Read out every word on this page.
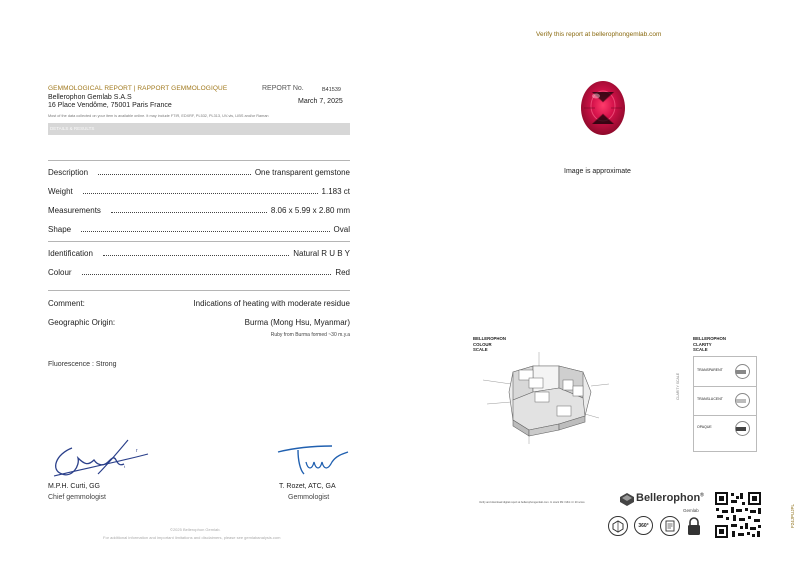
Verify this report at bellerophongemlab.com
GEMMOLOGICAL REPORT | RAPPORT GEMMOLOGIQUE
Bellerophon Gemlab S.A.S
16 Place Vendôme, 75001 Paris France
REPORT No.	B41539
March 7, 2025
Most of the data collected on your item is available online. It may include FTIR, EDXRF, PL532, PL313, UV-vis, LIBS and/or Raman
DETAILS & RESULTS
Description	One transparent gemstone
Weight	1.183 ct
Measurements	8.06 x 5.99 x 2.80 mm
Shape	Oval
Identification	Natural R U B Y
Colour	Red
Comment:	Indications of heating with moderate residue
Geographic Origin:	Burma (Mong Hsu, Myanmar)
Ruby from Burma formed ~30 m.y.a
Fluorescence : Strong
r
t
M.P.H. Curti, GG
Chief gemmologist
T. Rozet, ATC, GA
Gemmologist
©2025 Bellerophon Gemlab.
For additional information and important limitations and disclaimers, please see gemlabanalysis.com
Image is approximate
BELLEROPHON
COLOUR
SCALE
BELLEROPHON
CLARITY
SCALE
CLARITY SCALE
TRANSPARENT
TRANSLUCENT
OPAQUE
Verify and download digital report at bellerophongemlab.com. In stock 3M / Mint 4 / 20 score	Bellerophon®
Gemlab
360°	F24JPUJPL
